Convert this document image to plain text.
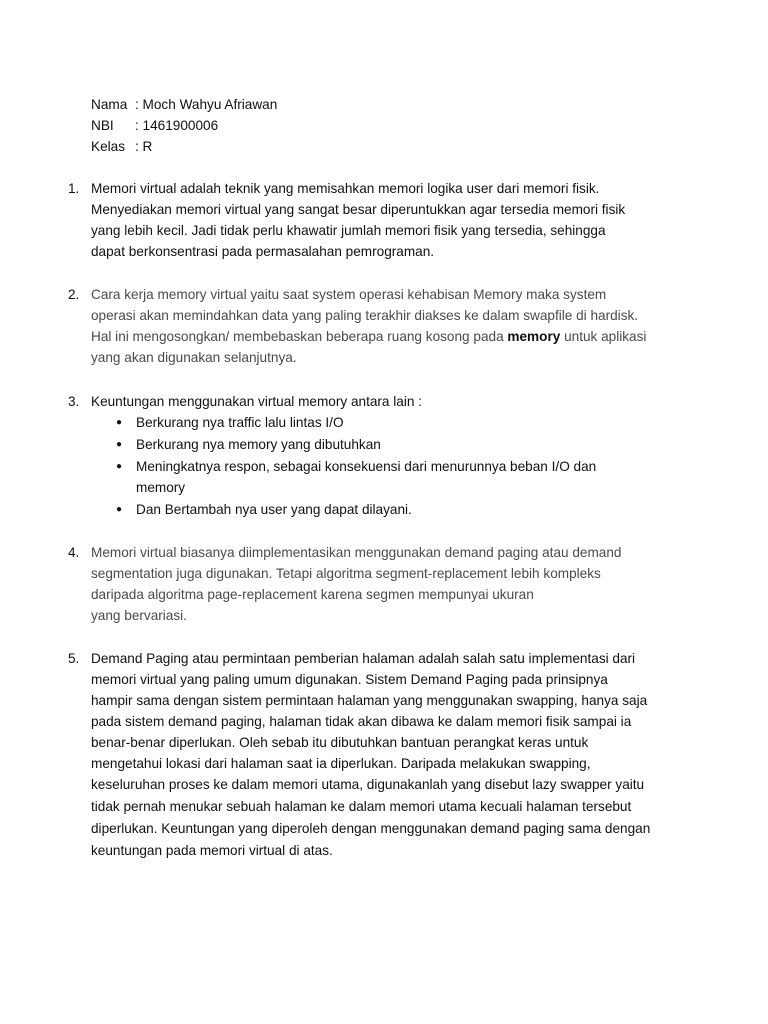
Nama : Moch Wahyu Afriawan

NBI : 1461900006

Kelas : R

1. Memori virtual adalah teknik yang memisahkan memori logika user dari memori fisik.

Menyediakan memori virtual yang sangat besar diperuntukkan agar tersedia memori fisik

yang lebih kecil. Jadi tidak perlu khawatir jumlah memori fisik yang tersedia, sehingga

dapat berkonsentrasi pada permasalahan pemrograman.

2. Cara kerja memory virtual yaitu saat system operasi kehabisan Memory maka system

operasi akan memindahkan data yang paling terakhir diakses ke dalam swapfile di hardisk.

Hal ini mengosongkan/ membebaskan beberapa ruang kosong pada memory untuk aplikasi

yang akan digunakan selanjutnya.

3. Keuntungan menggunakan virtual memory antara lain :

● Berkurang nya traffic lalu lintas I/O

● Berkurang nya memory yang dibutuhkan

● Meningkatnya respon, sebagai konsekuensi dari menurunnya beban I/O dan

memory

● Dan Bertambah nya user yang dapat dilayani.

4. Memori virtual biasanya diimplementasikan menggunakan demand paging atau demand

segmentation juga digunakan. Tetapi algoritma segment-replacement lebih kompleks

daripada algoritma page-replacement karena segmen mempunyai ukuran

yang bervariasi.

5. Demand Paging atau permintaan pemberian halaman adalah salah satu implementasi dari

memori virtual yang paling umum digunakan. Sistem Demand Paging pada prinsipnya

hampir sama dengan sistem permintaan halaman yang menggunakan swapping, hanya saja

pada sistem demand paging, halaman tidak akan dibawa ke dalam memori fisik sampai ia

benar-benar diperlukan. Oleh sebab itu dibutuhkan bantuan perangkat keras untuk

mengetahui lokasi dari halaman saat ia diperlukan. Daripada melakukan swapping,

keseluruhan proses ke dalam memori utama, digunakanlah yang disebut lazy swapper yaitu

tidak pernah menukar sebuah halaman ke dalam memori utama kecuali halaman tersebut

diperlukan. Keuntungan yang diperoleh dengan menggunakan demand paging sama dengan

keuntungan pada memori virtual di atas.
